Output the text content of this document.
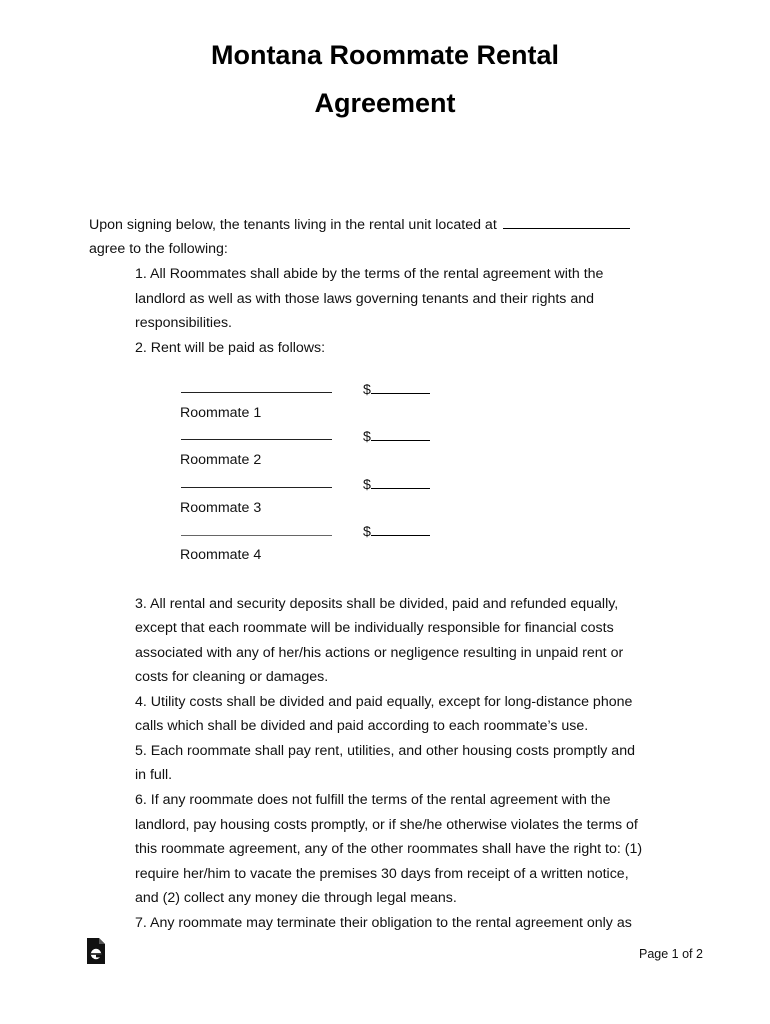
Montana Roommate Rental
Agreement

Upon signing below, the tenants living in the rental unit located at

agree to the following:

1. All Roommates shall abide by the terms of the rental agreement with the

landlord as well as with those laws governing tenants and their rights and

responsibilities.

2. Rent will be paid as follows:

$
Roommate 1
$
Roommate 2
$
Roommate 3
$
Roommate 4

3. All rental and security deposits shall be divided, paid and refunded equally,

except that each roommate will be individually responsible for financial costs

associated with any of her/his actions or negligence resulting in unpaid rent or

costs for cleaning or damages.

4. Utility costs shall be divided and paid equally, except for long-distance phone

calls which shall be divided and paid according to each roommate’s use.

5. Each roommate shall pay rent, utilities, and other housing costs promptly and

in full.

6. If any roommate does not fulfill the terms of the rental agreement with the

landlord, pay housing costs promptly, or if she/he otherwise violates the terms of

this roommate agreement, any of the other roommates shall have the right to: (1)

require her/him to vacate the premises 30 days from receipt of a written notice,

and (2) collect any money die through legal means.

7. Any roommate may terminate their obligation to the rental agreement only as

Page 1 of 2
